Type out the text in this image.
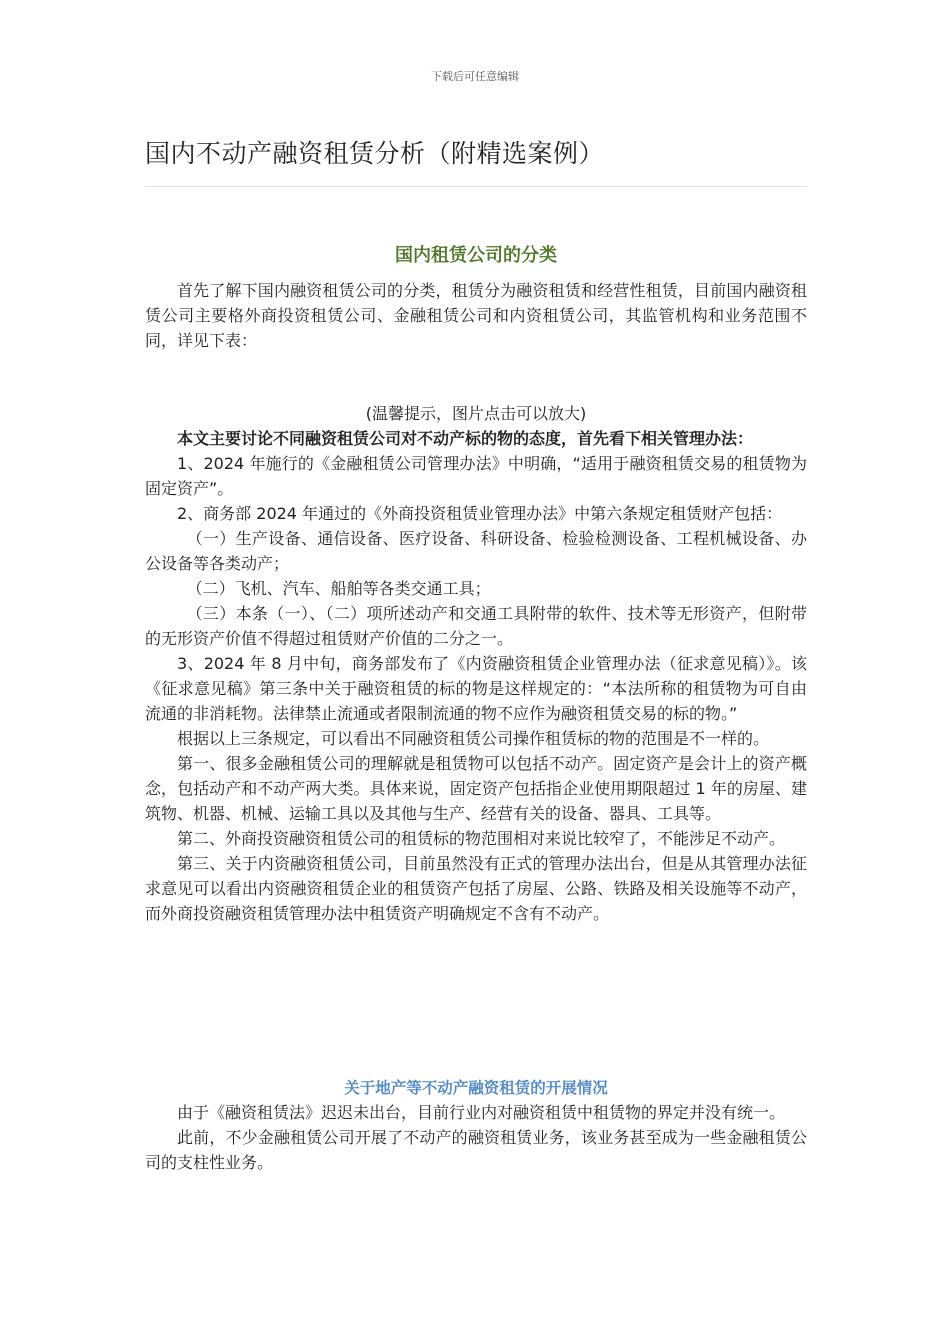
下载后可任意编辑
国内不动产融资租赁分析（附精选案例）
国内租赁公司的分类

首先了解下国内融资租赁公司的分类，租赁分为融资租赁和经营性租赁，目前国内融资租赁公司主要格外商投资租赁公司、金融租赁公司和内资租赁公司，其监管机构和业务范围不同，详见下表：

(温馨提示，图片点击可以放大)

本文主要讨论不同融资租赁公司对不动产标的物的态度，首先看下相关管理办法：

1、2024 年施行的《金融租赁公司管理办法》中明确，“适用于融资租赁交易的租赁物为固定资产”。

2、商务部 2024 年通过的《外商投资租赁业管理办法》中第六条规定租赁财产包括：

（一）生产设备、通信设备、医疗设备、科研设备、检验检测设备、工程机械设备、办公设备等各类动产；

（二）飞机、汽车、船舶等各类交通工具；

（三）本条（一）、（二）项所述动产和交通工具附带的软件、技术等无形资产，但附带的无形资产价值不得超过租赁财产价值的二分之一。

3、2024 年 8 月中旬，商务部发布了《内资融资租赁企业管理办法（征求意见稿）》。该《征求意见稿》第三条中关于融资租赁的标的物是这样规定的：“本法所称的租赁物为可自由流通的非消耗物。法律禁止流通或者限制流通的物不应作为融资租赁交易的标的物。”

根据以上三条规定，可以看出不同融资租赁公司操作租赁标的物的范围是不一样的。

第一、很多金融租赁公司的理解就是租赁物可以包括不动产。固定资产是会计上的资产概念，包括动产和不动产两大类。具体来说，固定资产包括指企业使用期限超过 1 年的房屋、建筑物、机器、机械、运输工具以及其他与生产、经营有关的设备、器具、工具等。

第二、外商投资融资租赁公司的租赁标的物范围相对来说比较窄了，不能涉足不动产。

第三、关于内资融资租赁公司，目前虽然没有正式的管理办法出台，但是从其管理办法征求意见可以看出内资融资租赁企业的租赁资产包括了房屋、公路、铁路及相关设施等不动产，而外商投资融资租赁管理办法中租赁资产明确规定不含有不动产。

关于地产等不动产融资租赁的开展情况

由于《融资租赁法》迟迟未出台，目前行业内对融资租赁中租赁物的界定并没有统一。

此前，不少金融租赁公司开展了不动产的融资租赁业务，该业务甚至成为一些金融租赁公司的支柱性业务。
